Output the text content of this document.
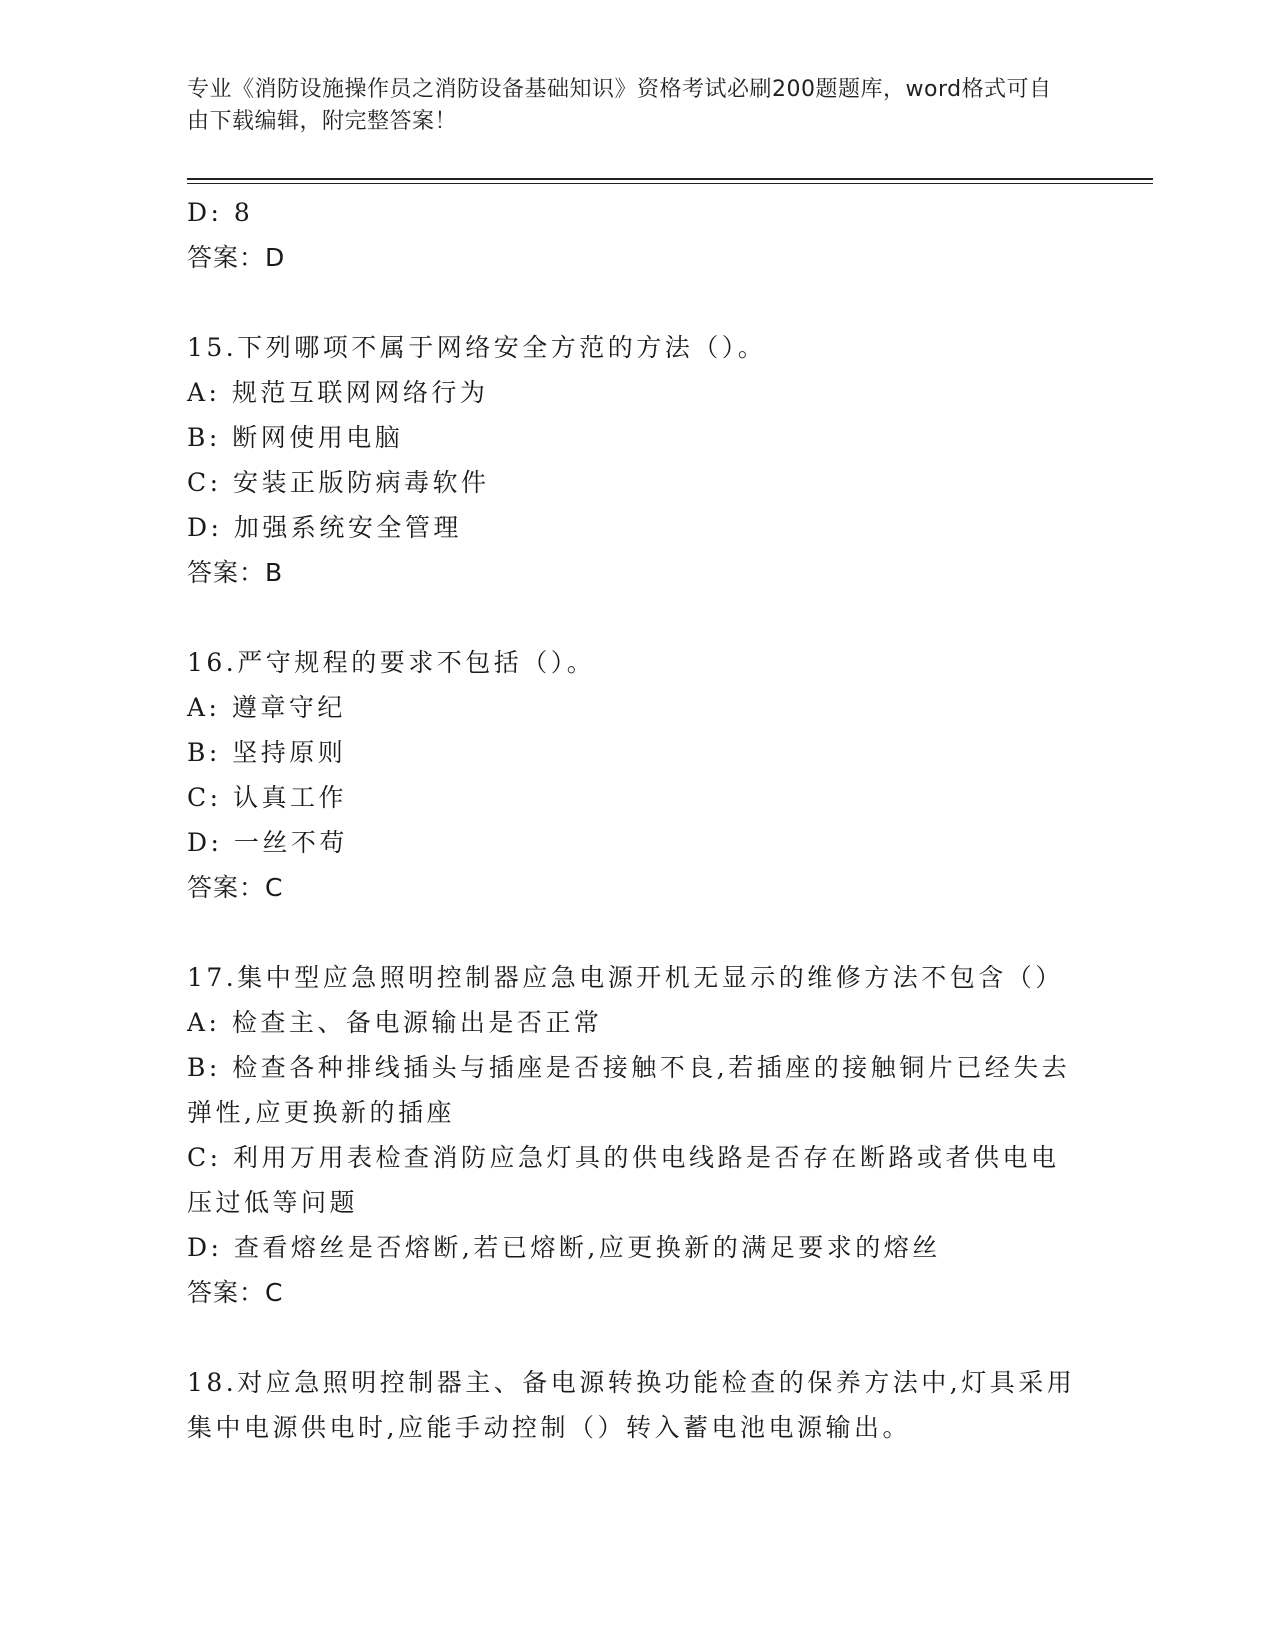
专业《消防设施操作员之消防设备基础知识》资格考试必刷200题题库，word格式可自由下载编辑，附完整答案！

D: 8

答案：D

15.下列哪项不属于网络安全方范的方法（）。

A: 规范互联网网络行为

B: 断网使用电脑

C: 安装正版防病毒软件

D: 加强系统安全管理

答案：B

16.严守规程的要求不包括（）。

A: 遵章守纪

B: 坚持原则

C: 认真工作

D: 一丝不苟

答案：C

17.集中型应急照明控制器应急电源开机无显示的维修方法不包含（）

A: 检查主、备电源输出是否正常

B: 检查各种排线插头与插座是否接触不良,若插座的接触铜片已经失去弹性,应更换新的插座

C: 利用万用表检查消防应急灯具的供电线路是否存在断路或者供电电压过低等问题

D: 查看熔丝是否熔断,若已熔断,应更换新的满足要求的熔丝

答案：C

18.对应急照明控制器主、备电源转换功能检查的保养方法中,灯具采用集中电源供电时,应能手动控制（）转入蓄电池电源输出。
